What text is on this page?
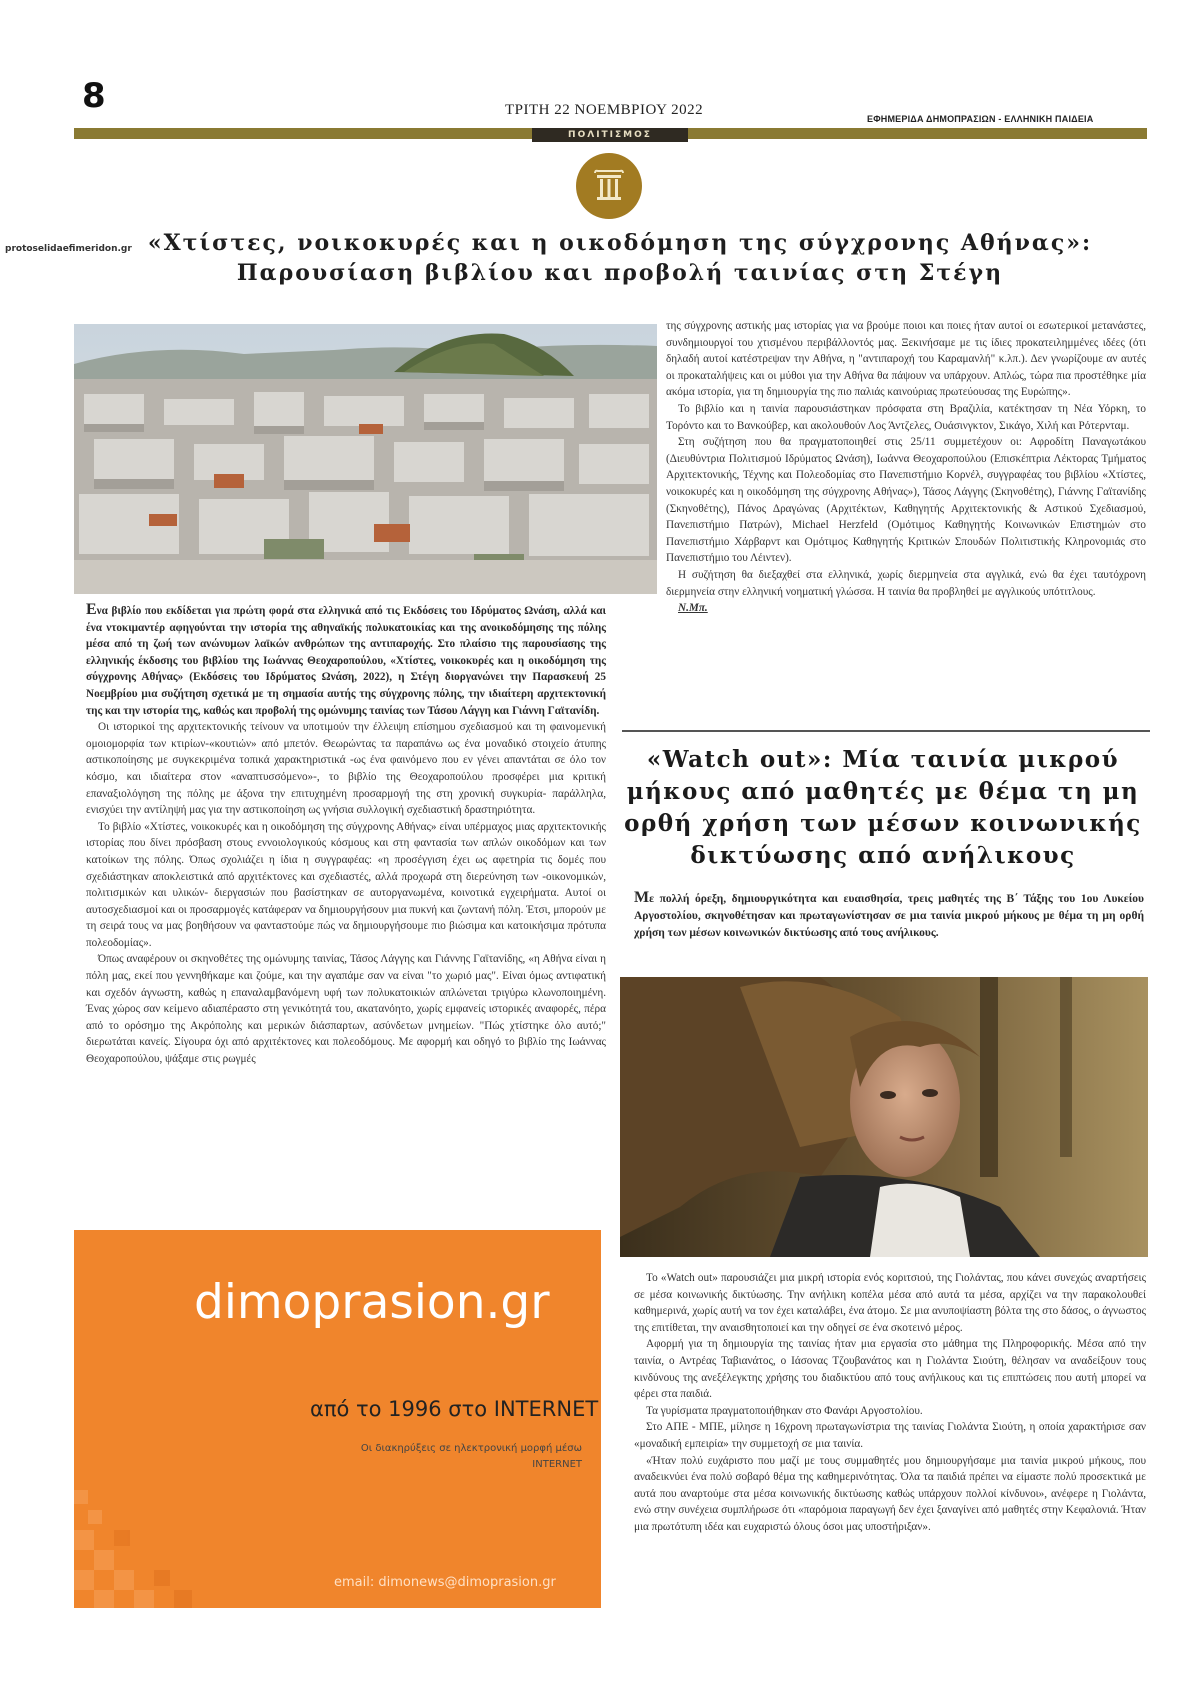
8	ΤΡΙΤΗ 22 ΝΟΕΜΒΡΙΟΥ 2022
ΕΦΗΜΕΡΙΔΑ ΔΗΜΟΠΡΑΣΙΩΝ - ΕΛΛΗΝΙΚΗ ΠΑΙΔΕΙΑ
ΠΟΛΙΤΙΣΜΟΣ
protoselidaefimeridon.gr «Χτίστες, νοικοκυρές και η οικοδόμηση της σύγχρονης Αθήνας»: Παρουσίαση βιβλίου και προβολή ταινίας στη Στέγη

Ενα βιβλίο που εκδίδεται για πρώτη φορά στα ελληνικά από τις Εκδόσεις του Ιδρύματος Ωνάση, αλλά και ένα ντοκιμαντέρ αφηγούνται την ιστορία της αθηναϊκής πολυκατοικίας και της ανοικοδόμησης της πόλης μέσα από τη ζωή των ανώνυμων λαϊκών ανθρώπων της αντιπαροχής. Στο πλαίσιο της παρουσίασης της ελληνικής έκδοσης του βιβλίου της Ιωάννας Θεοχαροπούλου, «Χτίστες, νοικοκυρές και η οικοδόμηση της σύγχρονης Αθήνας» (Εκδόσεις του Ιδρύματος Ωνάση, 2022), η Στέγη διοργανώνει την Παρασκευή 25 Νοεμβρίου μια συζήτηση σχετικά με τη σημασία αυτής της σύγχρονης πόλης, την ιδιαίτερη αρχιτεκτονική της και την ιστορία της, καθώς και προβολή της ομώνυμης ταινίας των Τάσου Λάγγη και Γιάννη Γαϊτανίδη.

Οι ιστορικοί της αρχιτεκτονικής τείνουν να υποτιμούν την έλλειψη επίσημου σχεδιασμού και τη φαινομενική ομοιομορφία των κτιρίων-«κουτιών» από μπετόν. Θεωρώντας τα παραπάνω ως ένα μοναδικό στοιχείο άτυπης αστικοποίησης με συγκεκριμένα τοπικά χαρακτηριστικά -ως ένα φαινόμενο που εν γένει απαντάται σε όλο τον κόσμο, και ιδιαίτερα στον «αναπτυσσόμενο»-, το βιβλίο της Θεοχαροπούλου προσφέρει μια κριτική επαναξιολόγηση της πόλης με άξονα την επιτυχημένη προσαρμογή της στη χρονική συγκυρία- παράλληλα, ενισχύει την αντίληψή μας για την αστικοποίηση ως γνήσια συλλογική σχεδιαστική δραστηριότητα.

Το βιβλίο «Χτίστες, νοικοκυρές και η οικοδόμηση της σύγχρονης Αθήνας» είναι υπέρμαχος μιας αρχιτεκτονικής ιστορίας που δίνει πρόσβαση στους εννοιολογικούς κόσμους και στη φαντασία των απλών οικοδόμων και των κατοίκων της πόλης. Όπως σχολιάζει η ίδια η συγγραφέας: «η προσέγγιση έχει ως αφετηρία τις δομές που σχεδιάστηκαν αποκλειστικά από αρχιτέκτονες και σχεδιαστές, αλλά προχωρά στη διερεύνηση των -οικονομικών, πολιτισμικών και υλικών- διεργασιών που βασίστηκαν σε αυτοργανωμένα, κοινοτικά εγχειρήματα. Αυτοί οι αυτοσχεδιασμοί και οι προσαρμογές κατάφεραν να δημιουργήσουν μια πυκνή και ζωντανή πόλη. Έτσι, μπορούν με τη σειρά τους να μας βοηθήσουν να φανταστούμε πώς να δημιουργήσουμε πιο βιώσιμα και κατοικήσιμα πρότυπα πολεοδομίας».

Όπως αναφέρουν οι σκηνοθέτες της ομώνυμης ταινίας, Τάσος Λάγγης και Γιάννης Γαϊτανίδης, «η Αθήνα είναι η πόλη μας, εκεί που γεννηθήκαμε και ζούμε, και την αγαπάμε σαν να είναι "το χωριό μας". Είναι όμως αντιφατική και σχεδόν άγνωστη, καθώς η επαναλαμβανόμενη υφή των πολυκατοικιών απλώνεται τριγύρω κλωνοποιημένη. Ένας χώρος σαν κείμενο αδιαπέραστο στη γενικότητά του, ακατανόητο, χωρίς εμφανείς ιστορικές αναφορές, πέρα από το ορόσημο της Ακρόπολης και μερικών διάσπαρτων, ασύνδετων μνημείων. "Πώς χτίστηκε όλο αυτό;" διερωτάται κανείς. Σίγουρα όχι από αρχιτέκτονες και πολεοδόμους. Με αφορμή και οδηγό το βιβλίο της Ιωάννας Θεοχαροπούλου, ψάξαμε στις ρωγμές

της σύγχρονης αστικής μας ιστορίας για να βρούμε ποιοι και ποιες ήταν αυτοί οι εσωτερικοί μετανάστες, συνδημιουργοί του χτισμένου περιβάλλοντός μας. Ξεκινήσαμε με τις ίδιες προκατειλημμένες ιδέες (ότι δηλαδή αυτοί κατέστρεψαν την Αθήνα, η "αντιπαροχή του Καραμανλή" κ.λπ.). Δεν γνωρίζουμε αν αυτές οι προκαταλήψεις και οι μύθοι για την Αθήνα θα πάψουν να υπάρχουν. Απλώς, τώρα πια προστέθηκε μία ακόμα ιστορία, για τη δημιουργία της πιο παλιάς καινούριας πρωτεύουσας της Ευρώπης».

Το βιβλίο και η ταινία παρουσιάστηκαν πρόσφατα στη Βραζιλία, κατέκτησαν τη Νέα Υόρκη, το Τορόντο και το Βανκούβερ, και ακολουθούν Λος Άντζελες, Ουάσινγκτον, Σικάγο, Χιλή και Ρότερνταμ.

Στη συζήτηση που θα πραγματοποιηθεί στις 25/11 συμμετέχουν οι: Αφροδίτη Παναγωτάκου (Διευθύντρια Πολιτισμού Ιδρύματος Ωνάση), Ιωάννα Θεοχαροπούλου (Επισκέπτρια Λέκτορας Τμήματος Αρχιτεκτονικής, Τέχνης και Πολεοδομίας στο Πανεπιστήμιο Κορνέλ, συγγραφέας του βιβλίου «Χτίστες, νοικοκυρές και η οικοδόμηση της σύγχρονης Αθήνας»), Τάσος Λάγγης (Σκηνοθέτης), Γιάννης Γαϊτανίδης (Σκηνοθέτης), Πάνος Δραγώνας (Αρχιτέκτων, Καθηγητής Αρχιτεκτονικής & Αστικού Σχεδιασμού, Πανεπιστήμιο Πατρών), Michael Herzfeld (Ομότιμος Καθηγητής Κοινωνικών Επιστημών στο Πανεπιστήμιο Χάρβαρντ και Ομότιμος Καθηγητής Κριτικών Σπουδών Πολιτιστικής Κληρονομιάς στο Πανεπιστήμιο του Λέιντεν).

Η συζήτηση θα διεξαχθεί στα ελληνικά, χωρίς διερμηνεία στα αγγλικά, ενώ θα έχει ταυτόχρονη διερμηνεία στην ελληνική νοηματική γλώσσα. Η ταινία θα προβληθεί με αγγλικούς υπότιτλους.

Ν.Μπ.

«Watch out»: Μία ταινία μικρού μήκους από μαθητές με θέμα τη μη ορθή χρήση των μέσων κοινωνικής δικτύωσης από ανήλικους
Με πολλή όρεξη, δημιουργικότητα και ευαισθησία, τρεις μαθητές της Β΄ Τάξης του 1ου Λυκείου Αργοστολίου, σκηνοθέτησαν και πρωταγωνίστησαν σε μια ταινία μικρού μήκους με θέμα τη μη ορθή χρήση των μέσων κοινωνικών δικτύωσης από τους ανήλικους.

Το «Watch out» παρουσιάζει μια μικρή ιστορία ενός κοριτσιού, της Γιολάντας, που κάνει συνεχώς αναρτήσεις σε μέσα κοινωνικής δικτύωσης. Την ανήλικη κοπέλα μέσα από αυτά τα μέσα, αρχίζει να την παρακολουθεί καθημερινά, χωρίς αυτή να τον έχει καταλάβει, ένα άτομο. Σε μια ανυποψίαστη βόλτα της στο δάσος, ο άγνωστος της επιτίθεται, την αναισθητοποιεί και την οδηγεί σε ένα σκοτεινό μέρος.

Αφορμή για τη δημιουργία της ταινίας ήταν μια εργασία στο μάθημα της Πληροφορικής. Μέσα από την ταινία, ο Αντρέας Ταβιανάτος, ο Ιάσονας Τζουβανάτος και η Γιολάντα Σιούτη, θέλησαν να αναδείξουν τους κινδύνους της ανεξέλεγκτης χρήσης του διαδικτύου από τους ανήλικους και τις επιπτώσεις που αυτή μπορεί να φέρει στα παιδιά.

Τα γυρίσματα πραγματοποιήθηκαν στο Φανάρι Αργοστολίου.

Στο ΑΠΕ - ΜΠΕ, μίλησε η 16χρονη πρωταγωνίστρια της ταινίας Γιολάντα Σιούτη, η οποία χαρακτήρισε σαν «μοναδική εμπειρία» την συμμετοχή σε μια ταινία.

«Ήταν πολύ ευχάριστο που μαζί με τους συμμαθητές μου δημιουργήσαμε μια ταινία μικρού μήκους, που αναδεικνύει ένα πολύ σοβαρό θέμα της καθημερινότητας. Όλα τα παιδιά πρέπει να είμαστε πολύ προσεκτικά με αυτά που αναρτούμε στα μέσα κοινωνικής δικτύωσης καθώς υπάρχουν πολλοί κίνδυνοι», ανέφερε η Γιολάντα, ενώ στην συνέχεια συμπλήρωσε ότι «παρόμοια παραγωγή δεν έχει ξαναγίνει από μαθητές στην Κεφαλονιά. Ήταν μια πρωτότυπη ιδέα και ευχαριστώ όλους όσοι μας υποστήριξαν».

dimoprasion.gr
από το 1996 στο INTERNET
Οι διακηρύξεις σε ηλεκτρονική μορφή μέσω
INTERNET
email: dimonews@dimoprasion.gr
